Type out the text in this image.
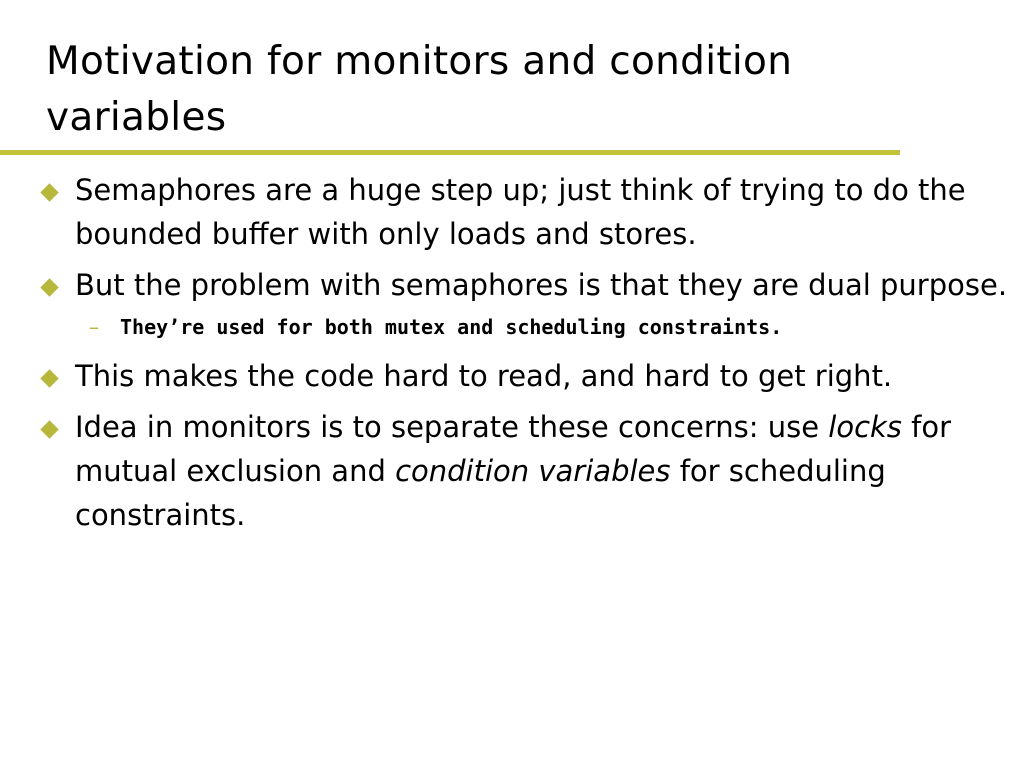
Motivation for monitors and condition variables
Semaphores are a huge step up; just think of trying to do the bounded buffer with only loads and stores.
But the problem with semaphores is that they are dual purpose.
– They’re used for both mutex and scheduling constraints.
This makes the code hard to read, and hard to get right.
Idea in monitors is to separate these concerns: use locks for mutual exclusion and condition variables for scheduling constraints.
